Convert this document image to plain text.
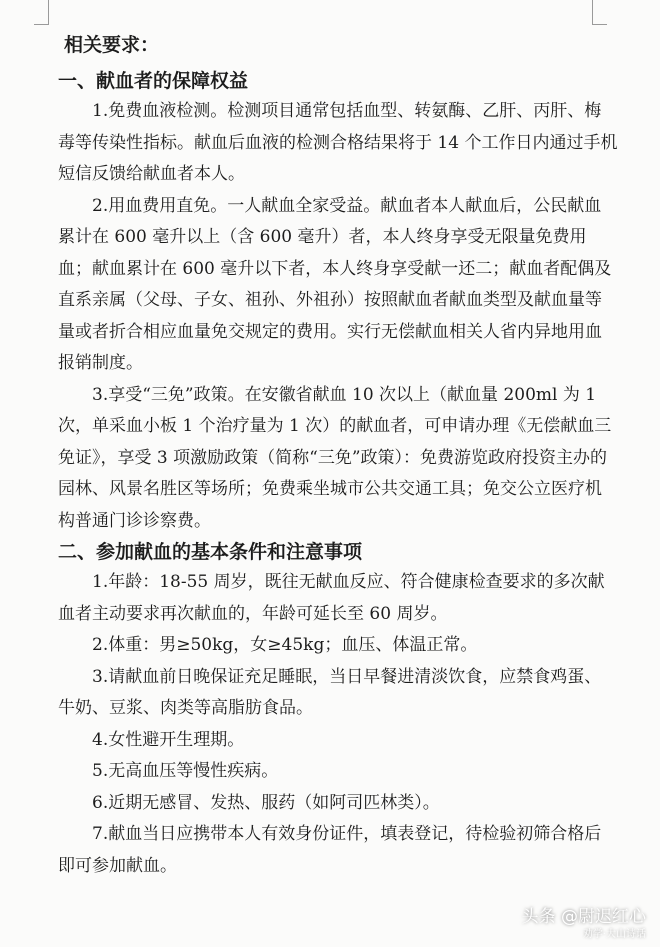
相关要求：
一、献血者的保障权益

1.免费血液检测。检测项目通常包括血型、转氨酶、乙肝、丙肝、梅毒等传染性指标。献血后血液的检测合格结果将于 14 个工作日内通过手机短信反馈给献血者本人。

2.用血费用直免。一人献血全家受益。献血者本人献血后，公民献血累计在 600 毫升以上（含 600 毫升）者，本人终身享受无限量免费用血；献血累计在 600 毫升以下者，本人终身享受献一还二；献血者配偶及直系亲属（父母、子女、祖孙、外祖孙）按照献血者献血类型及献血量等量或者折合相应血量免交规定的费用。实行无偿献血相关人省内异地用血报销制度。

3.享受“三免”政策。在安徽省献血 10 次以上（献血量 200ml 为 1 次，单采血小板 1 个治疗量为 1 次）的献血者，可申请办理《无偿献血三免证》，享受 3 项激励政策（简称“三免”政策）：免费游览政府投资主办的园林、风景名胜区等场所；免费乘坐城市公共交通工具；免交公立医疗机构普通门诊诊察费。

二、参加献血的基本条件和注意事项

1.年龄：18-55 周岁，既往无献血反应、符合健康检查要求的多次献血者主动要求再次献血的，年龄可延长至 60 周岁。

2.体重：男≥50kg，女≥45kg；血压、体温正常。

3.请献血前日晚保证充足睡眠，当日早餐进清淡饮食，应禁食鸡蛋、牛奶、豆浆、肉类等高脂肪食品。

4.女性避开生理期。

5.无高血压等慢性疾病。

6.近期无感冒、发热、服药（如阿司匹林类）。

7.献血当日应携带本人有效身份证件，填表登记，待检验初筛合格后即可参加献血。

头条 @尉迟红心
劝学·大山诗话
